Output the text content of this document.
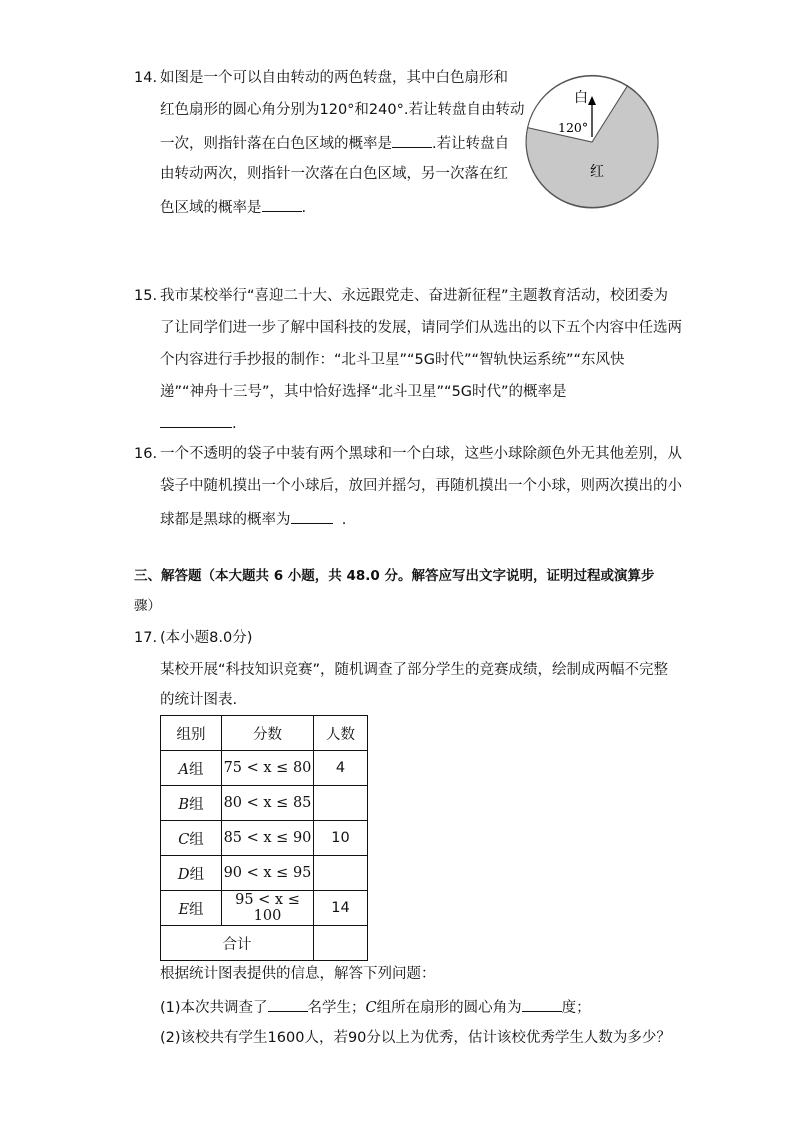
14. 如图是一个可以自由转动的两色转盘，其中白色扇形和
红色扇形的圆心角分别为120°和240°.若让转盘自由转动
一次，则指针落在白色区域的概率是	.若让转盘自
由转动两次，则指针一次落在白色区域，另一次落在红
色区域的概率是	.
白
120°
红
15. 我市某校举行“喜迎二十大、永远跟党走、奋进新征程”主题教育活动，校团委为
了让同学们进一步了解中国科技的发展，请同学们从选出的以下五个内容中任选两
个内容进行手抄报的制作：“北斗卫星”“5G时代”“智轨快运系统”“东风快
递”“神舟十三号”，其中恰好选择“北斗卫星”“5G时代”的概率是
.
16. 一个不透明的袋子中装有两个黑球和一个白球，这些小球除颜色外无其他差别，从
袋子中随机摸出一个小球后，放回并摇匀，再随机摸出一个小球，则两次摸出的小
球都是黑球的概率为	.
三、解答题（本大题共 6 小题，共 48.0 分。解答应写出文字说明，证明过程或演算步
骤）
17. (本小题8.0分)
某校开展“科技知识竞赛”，随机调查了部分学生的竞赛成绩，绘制成两幅不完整
的统计图表.
组别	分数	人数
A组	75 < x ≤ 80	4
B组	80 < x ≤ 85	
C组	85 < x ≤ 90	10
D组	90 < x ≤ 95	
E组	95 < x ≤ 100	14
合计		
根据统计图表提供的信息，解答下列问题：
(1)本次共调查了	名学生；C组所在扇形的圆心角为	度；
(2)该校共有学生1600人，若90分以上为优秀，估计该校优秀学生人数为多少？
